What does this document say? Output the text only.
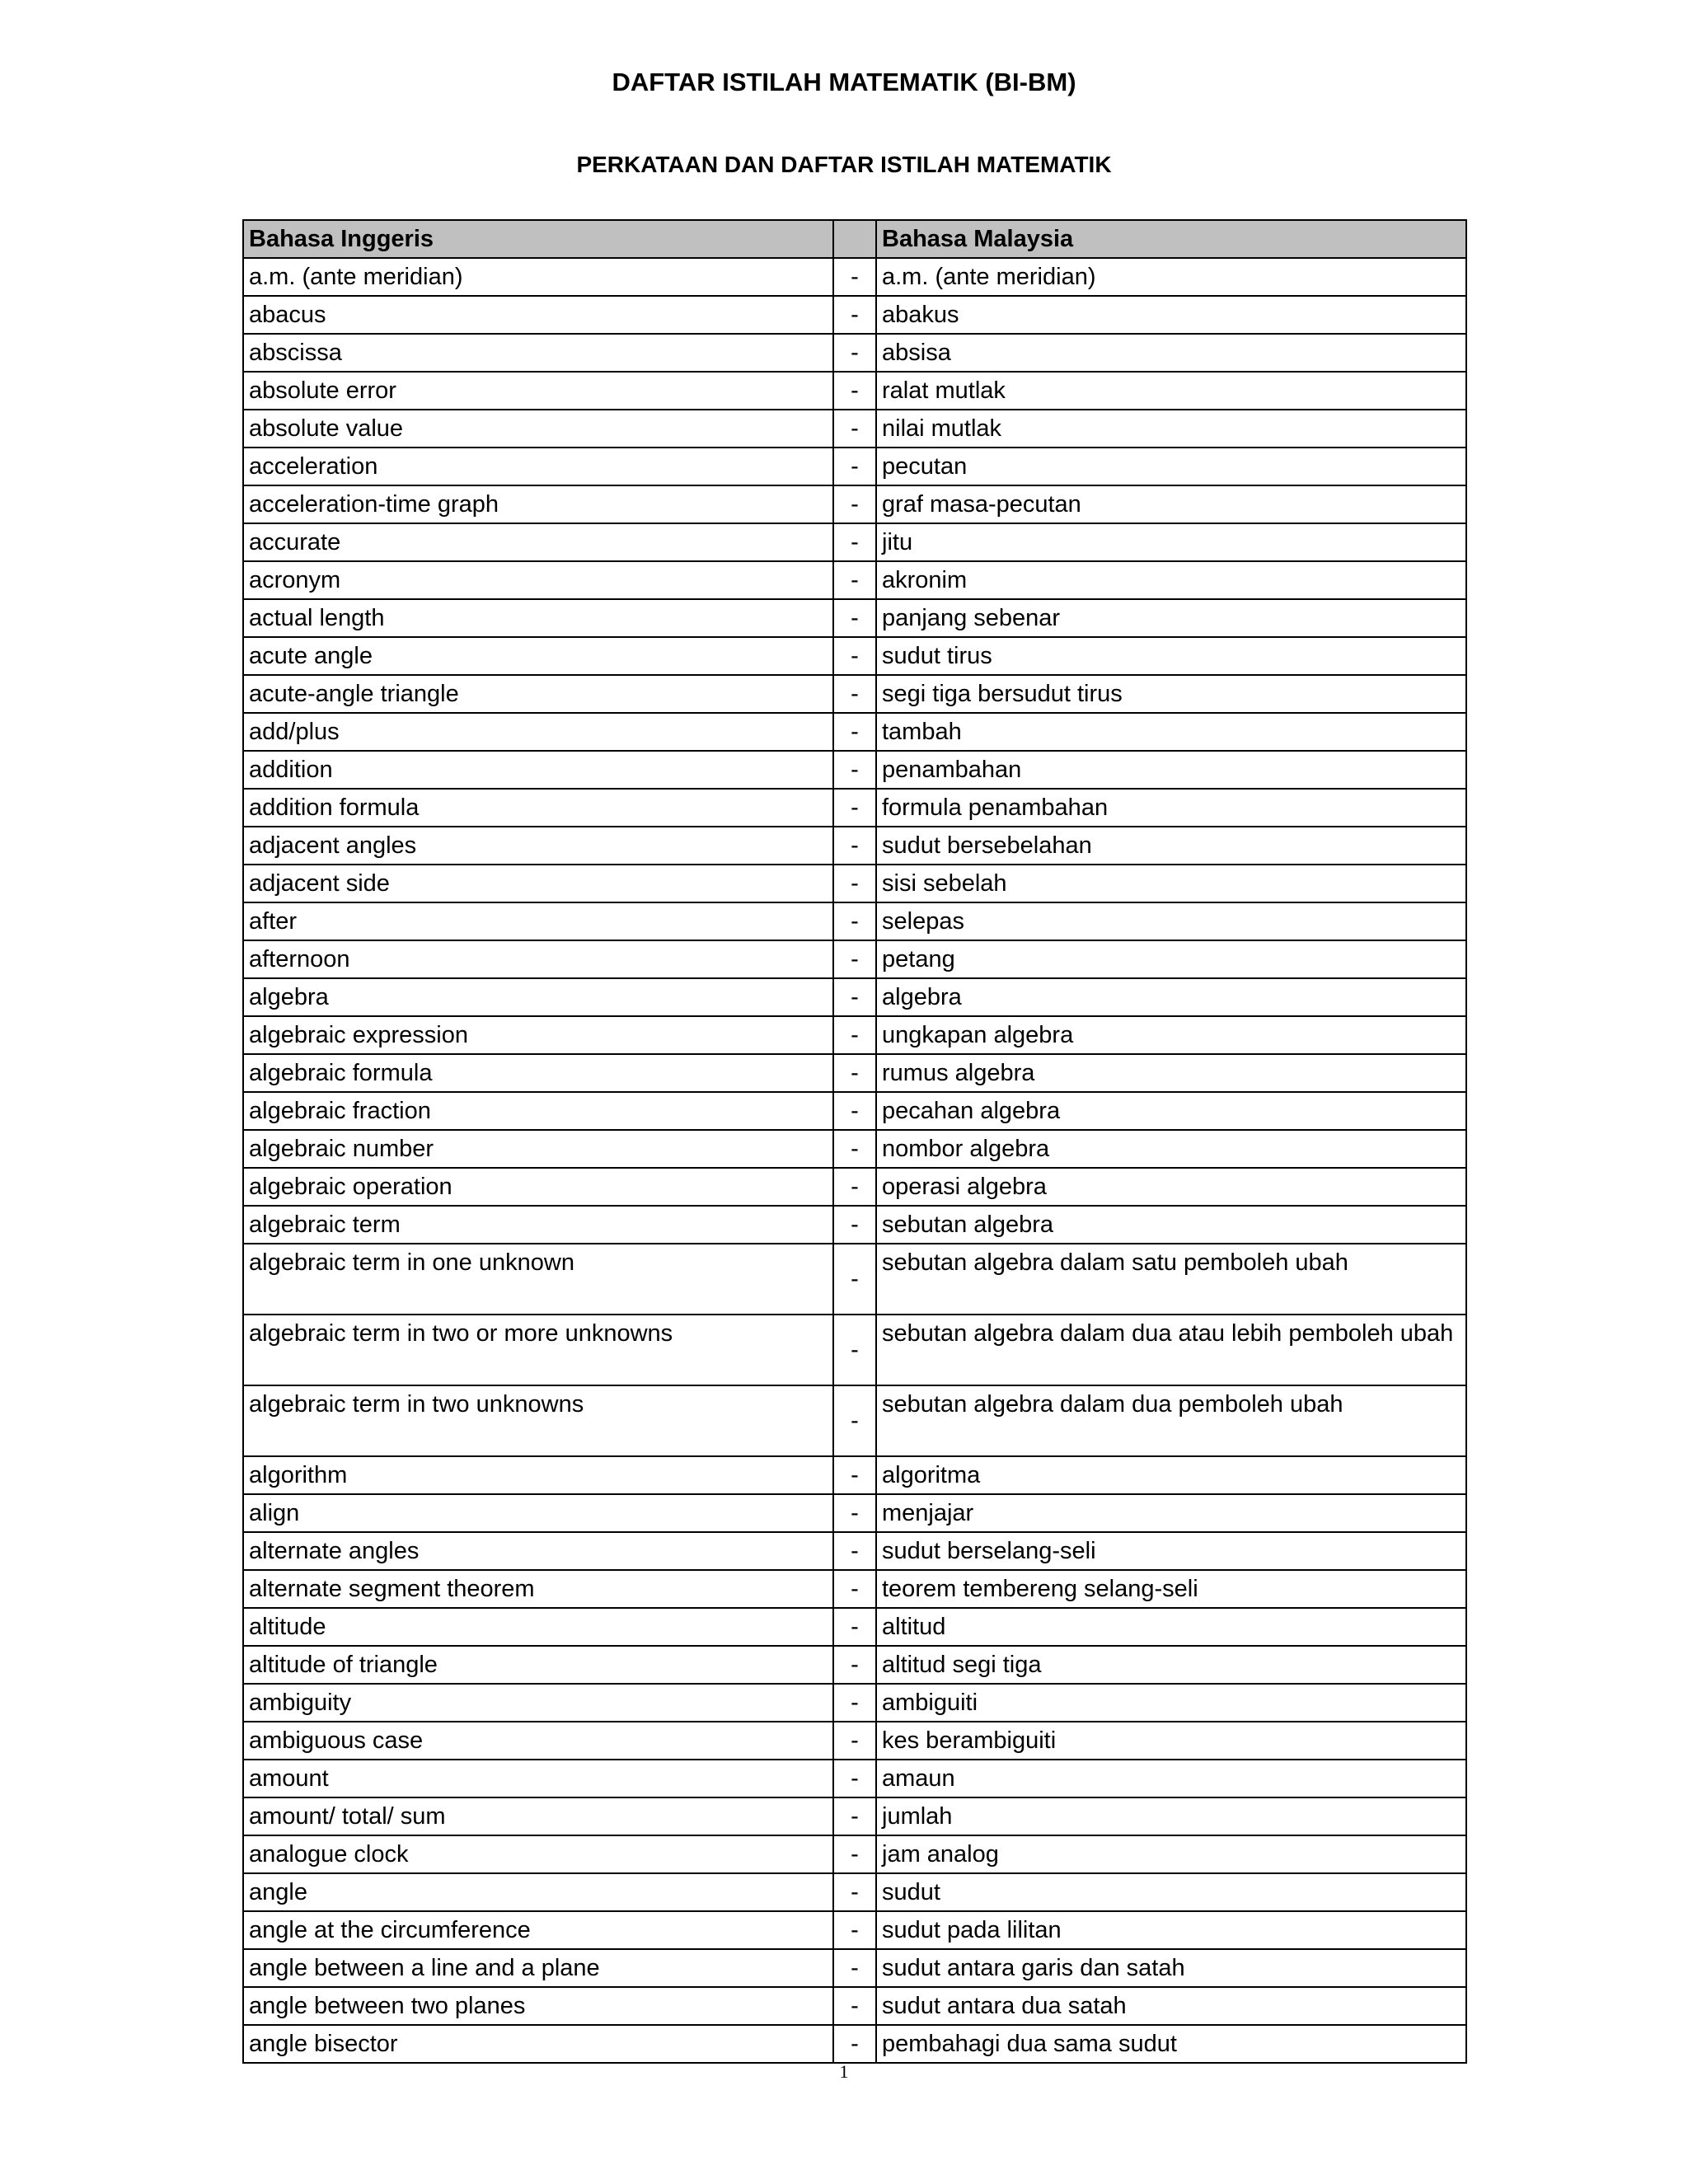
DAFTAR ISTILAH MATEMATIK (BI-BM)
PERKATAAN DAN DAFTAR ISTILAH MATEMATIK
Bahasa Inggeris		Bahasa Malaysia
a.m. (ante meridian)	-	a.m. (ante meridian)
abacus	-	abakus
abscissa	-	absisa
absolute error	-	ralat mutlak
absolute value	-	nilai mutlak
acceleration	-	pecutan
acceleration-time graph	-	graf masa-pecutan
accurate	-	jitu
acronym	-	akronim
actual length	-	panjang sebenar
acute angle	-	sudut tirus
acute-angle triangle	-	segi tiga bersudut tirus
add/plus	-	tambah
addition	-	penambahan
addition formula	-	formula penambahan
adjacent angles	-	sudut bersebelahan
adjacent side	-	sisi sebelah
after	-	selepas
afternoon	-	petang
algebra	-	algebra
algebraic expression	-	ungkapan algebra
algebraic formula	-	rumus algebra
algebraic fraction	-	pecahan algebra
algebraic number	-	nombor algebra
algebraic operation	-	operasi algebra
algebraic term	-	sebutan algebra
algebraic term in one unknown	-	sebutan algebra dalam satu pemboleh ubah
algebraic term in two or more unknowns	-	sebutan algebra dalam dua atau lebih pemboleh ubah
algebraic term in two unknowns	-	sebutan algebra dalam dua pemboleh ubah
algorithm	-	algoritma
align	-	menjajar
alternate angles	-	sudut berselang-seli
alternate segment theorem	-	teorem tembereng selang-seli
altitude	-	altitud
altitude of triangle	-	altitud segi tiga
ambiguity	-	ambiguiti
ambiguous case	-	kes berambiguiti
amount	-	amaun
amount/ total/ sum	-	jumlah
analogue clock	-	jam analog
angle	-	sudut
angle at the circumference	-	sudut pada lilitan
angle between a line and a plane	-	sudut antara garis dan satah
angle between two planes	-	sudut antara dua satah
angle bisector	-	pembahagi dua sama sudut
1
